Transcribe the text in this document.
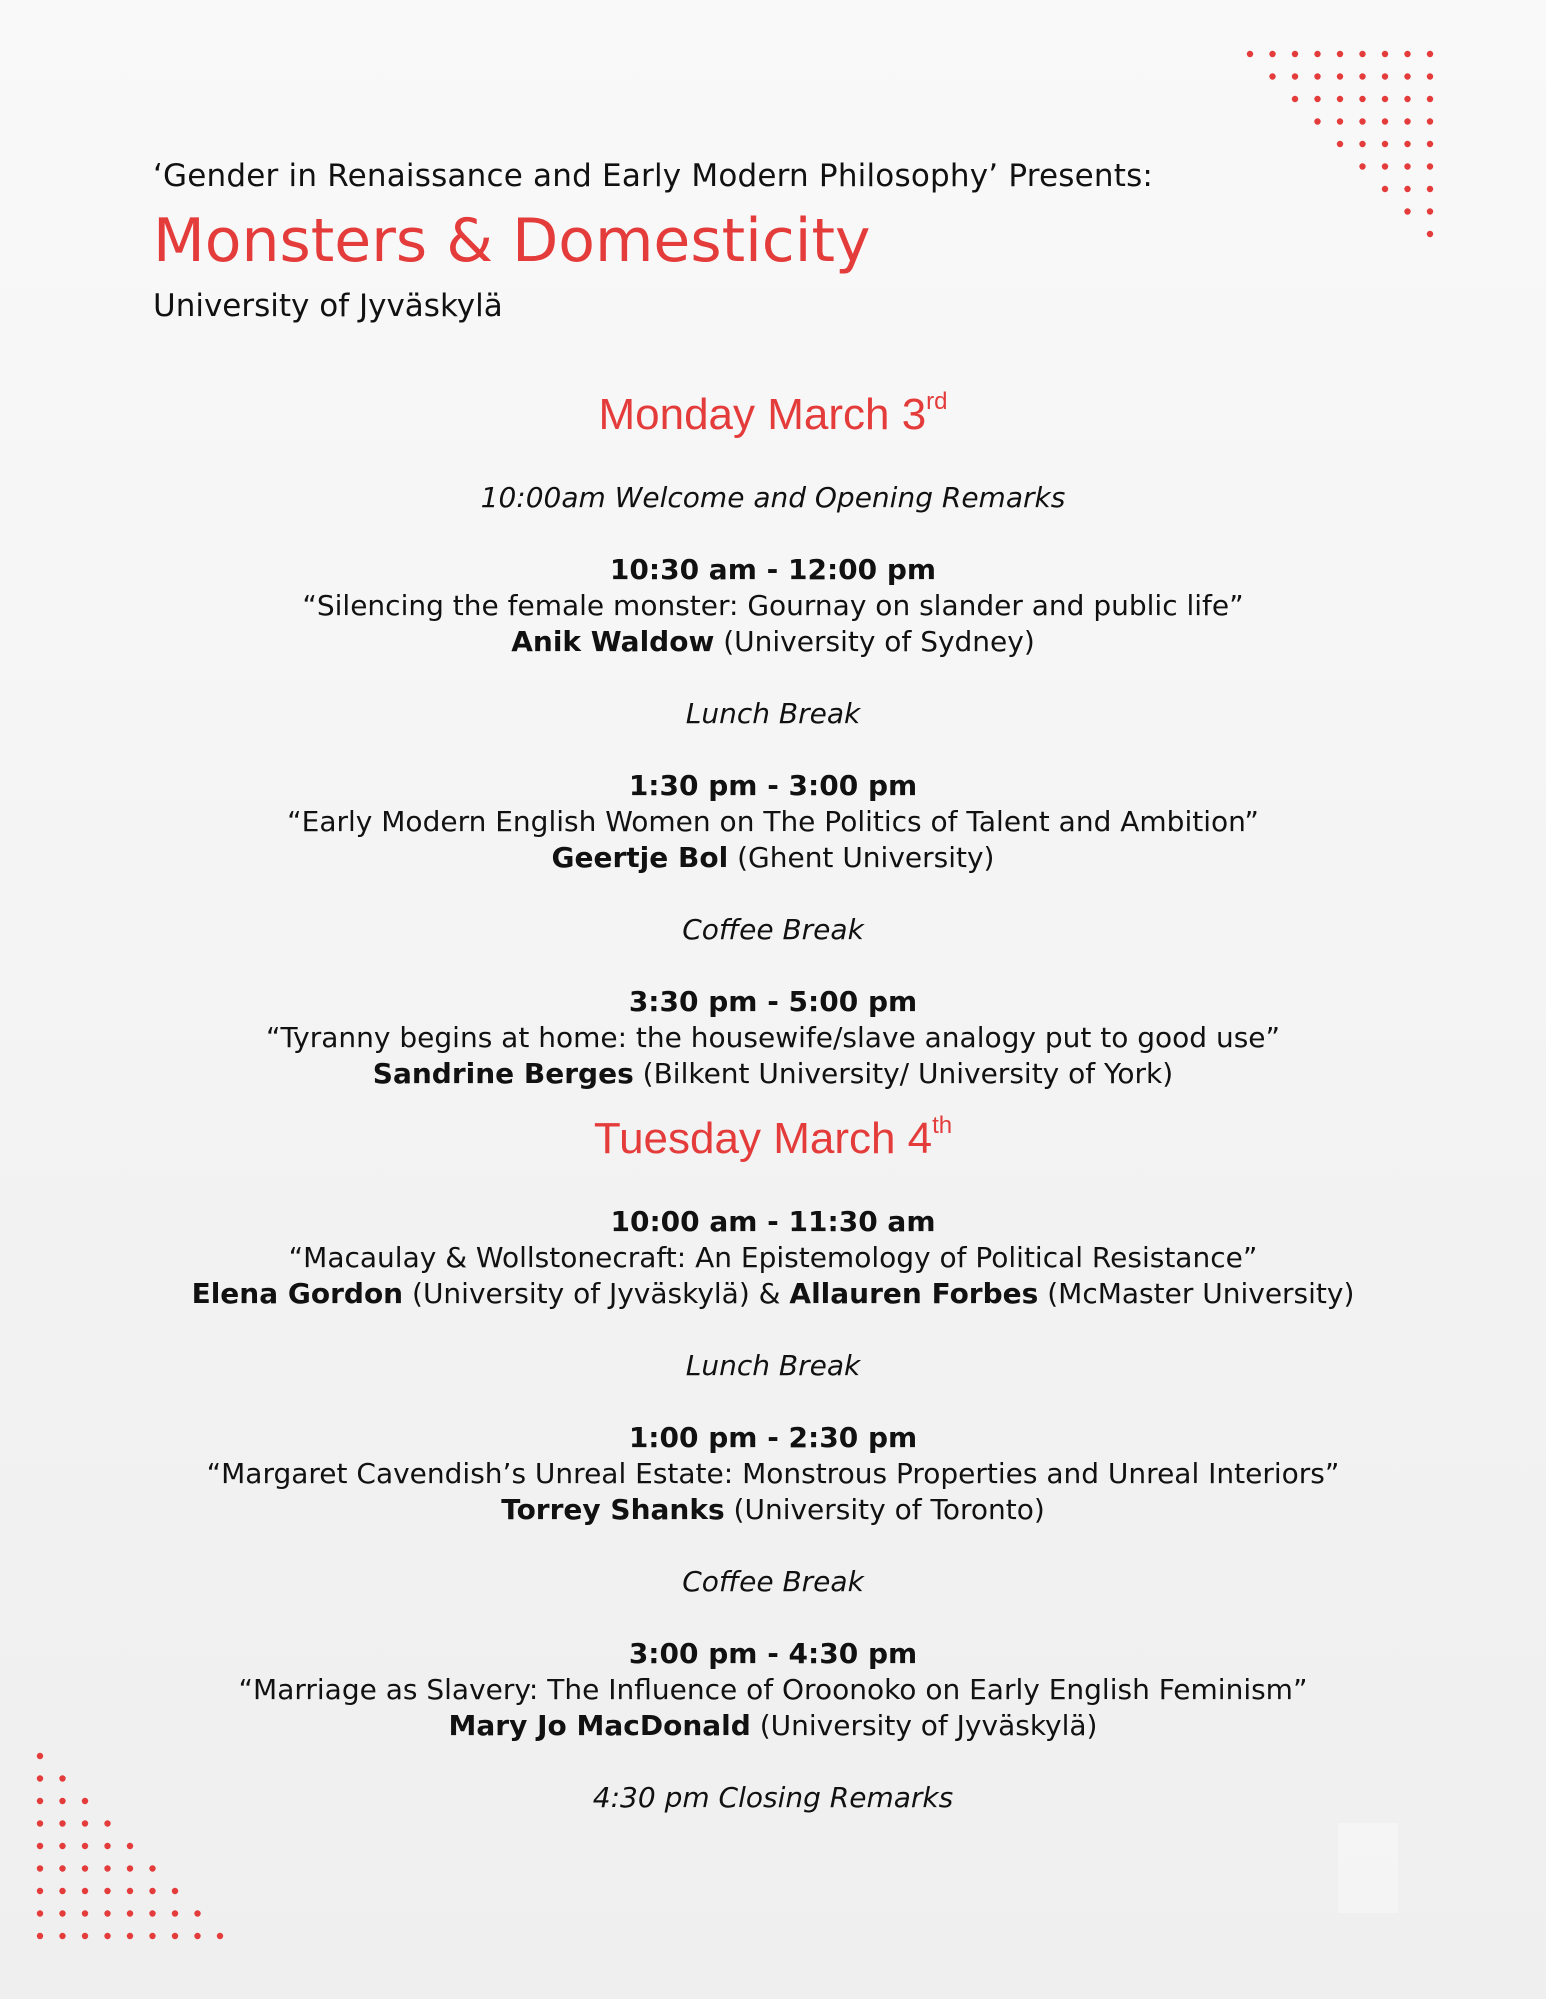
‘Gender in Renaissance and Early Modern Philosophy’ Presents:

Monsters & Domesticity

University of Jyväskylä

Monday March 3rd

10:00am Welcome and Opening Remarks

10:30 am - 12:00 pm

“Silencing the female monster: Gournay on slander and public life”

Anik Waldow (University of Sydney)

Lunch Break

1:30 pm - 3:00 pm

“Early Modern English Women on The Politics of Talent and Ambition”

Geertje Bol (Ghent University)

Coffee Break

3:30 pm - 5:00 pm

“Tyranny begins at home: the housewife/slave analogy put to good use”

Sandrine Berges (Bilkent University/ University of York)

Tuesday March 4th

10:00 am - 11:30 am

“Macaulay & Wollstonecraft: An Epistemology of Political Resistance”

Elena Gordon (University of Jyväskylä) & Allauren Forbes (McMaster University)

Lunch Break

1:00 pm - 2:30 pm

“Margaret Cavendish’s Unreal Estate: Monstrous Properties and Unreal Interiors”

Torrey Shanks (University of Toronto)

Coffee Break

3:00 pm - 4:30 pm

“Marriage as Slavery: The Influence of Oroonoko on Early English Feminism”

Mary Jo MacDonald (University of Jyväskylä)

4:30 pm Closing Remarks
